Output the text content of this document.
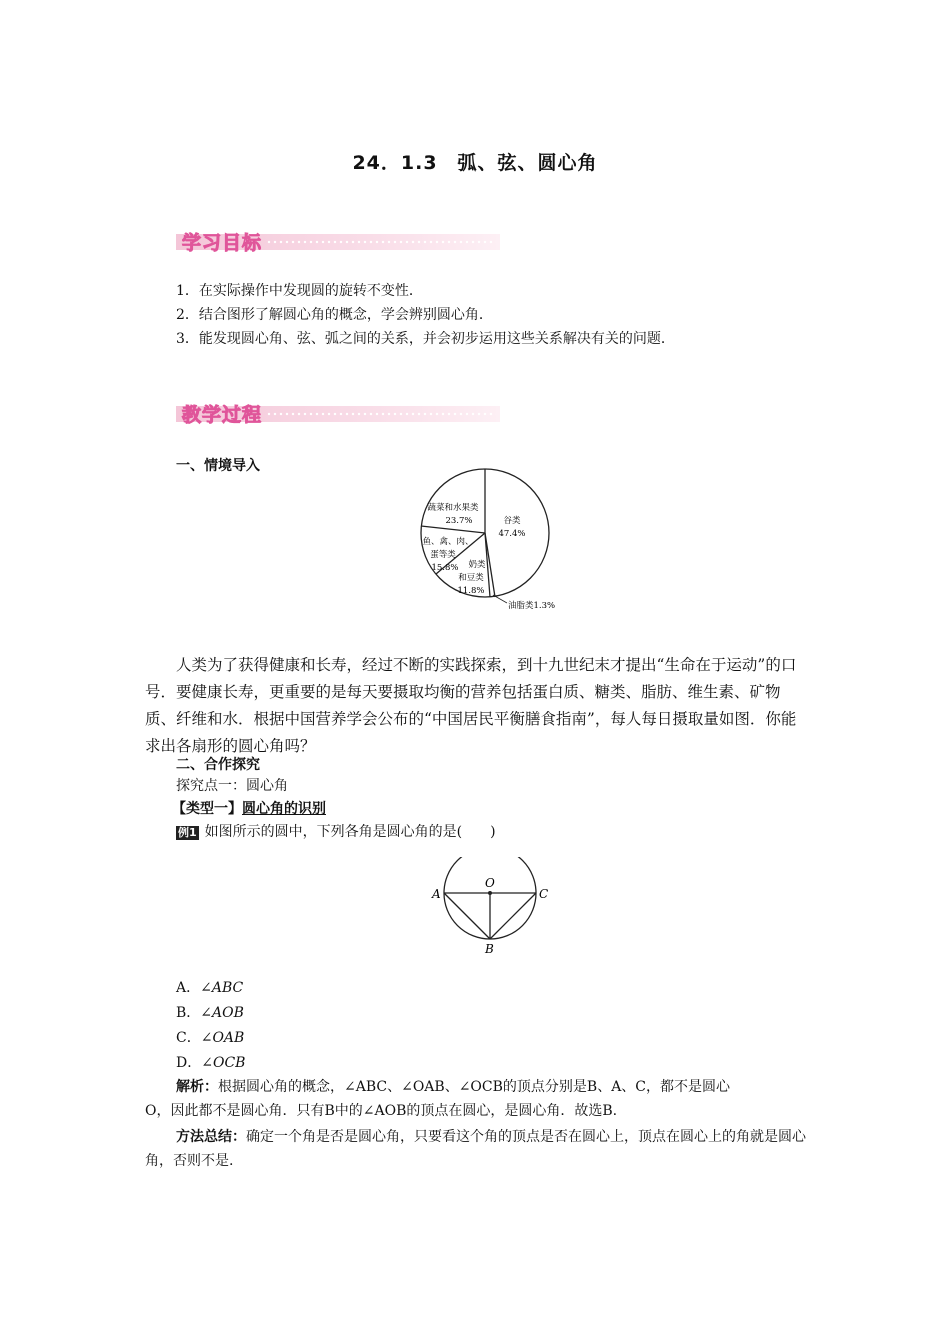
24．1.3　弧、弦、圆心角
学习目标
1．在实际操作中发现圆的旋转不变性．
2．结合图形了解圆心角的概念，学会辨别圆心角．
3．能发现圆心角、弦、弧之间的关系，并会初步运用这些关系解决有关的问题．
教学过程
一、情境导入
谷类
47.4%
蔬菜和水果类
23.7%
鱼、禽、肉、
蛋等类
15.8% 奶类
和豆类
11.8%
油脂类1.3%
人类为了获得健康和长寿，经过不断的实践探索，到十九世纪末才提出“生命在于运动”的口号．要健康长寿，更重要的是每天要摄取均衡的营养包括蛋白质、糖类、脂肪、维生素、矿物质、纤维和水．根据中国营养学会公布的“中国居民平衡膳食指南”，每人每日摄取量如图．你能求出各扇形的圆心角吗？
二、合作探究
探究点一：圆心角
【类型一】圆心角的识别
例1 如图所示的圆中，下列各角是圆心角的是(　　)
A
O
C
B
A．∠ABC
B．∠AOB
C．∠OAB
D．∠OCB
解析：根据圆心角的概念，∠ABC、∠OAB、∠OCB的顶点分别是B、A、C，都不是圆心
O，因此都不是圆心角．只有B中的∠AOB的顶点在圆心，是圆心角．故选B.
方法总结：确定一个角是否是圆心角，只要看这个角的顶点是否在圆心上，顶点在圆心上的角就是圆心角，否则不是.
